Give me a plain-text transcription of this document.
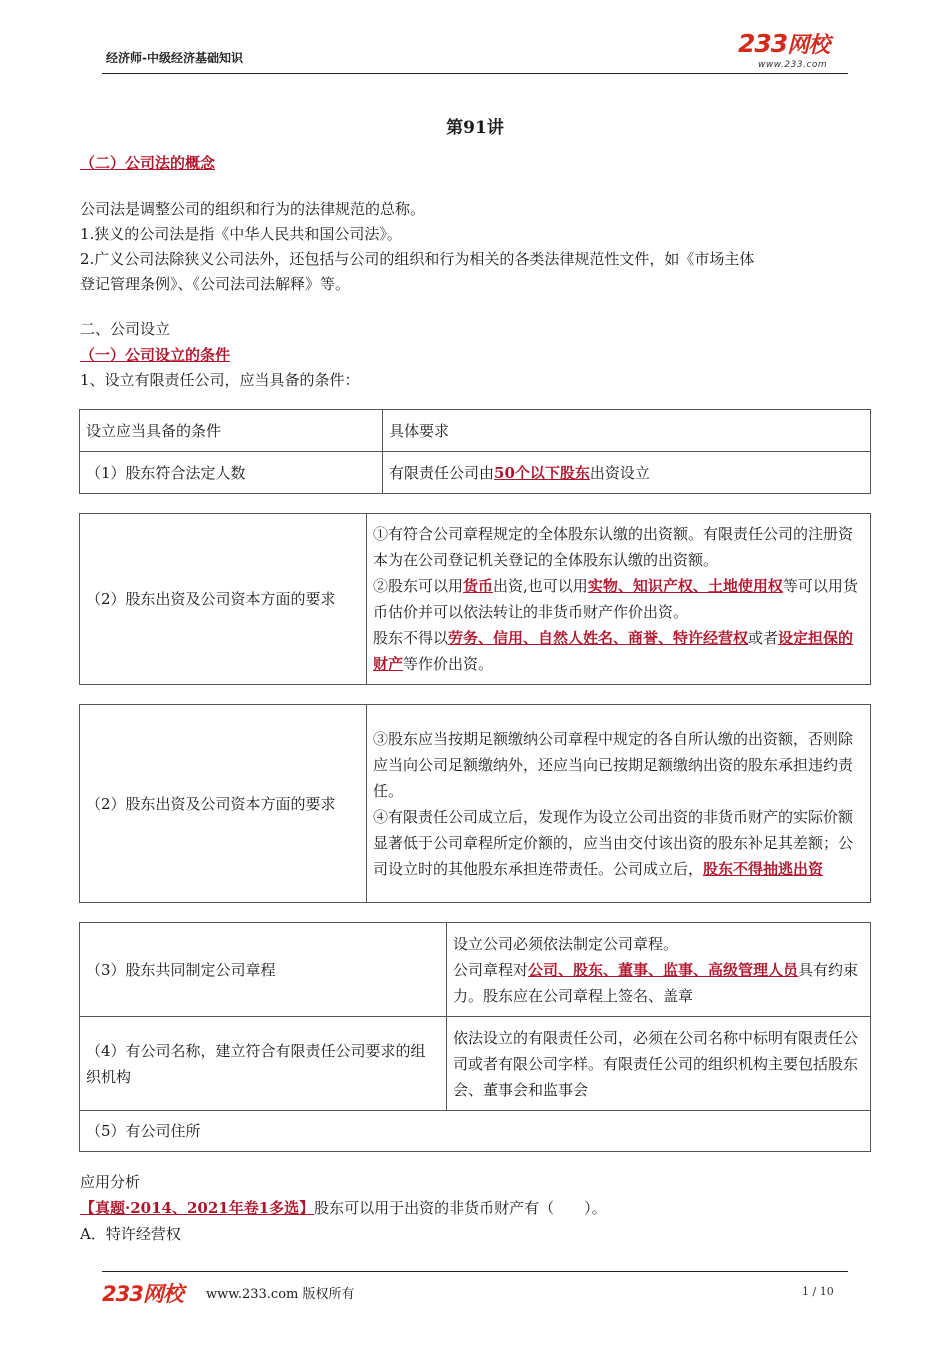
经济师-中级经济基础知识	233网校
www.233.com
第91讲
（二）公司法的概念
公司法是调整公司的组织和行为的法律规范的总称。
1.狭义的公司法是指《中华人民共和国公司法》。
2.广义公司法除狭义公司法外，还包括与公司的组织和行为相关的各类法律规范性文件，如《市场主体
登记管理条例》、《公司法司法解释》等。
二、公司设立
（一）公司设立的条件
1、设立有限责任公司，应当具备的条件：
设立应当具备的条件	具体要求
（1）股东符合法定人数	有限责任公司由50个以下股东出资设立
（2）股东出资及公司资本方面的要求	①有符合公司章程规定的全体股东认缴的出资额。有限责任公司的注册资本为在公司登记机关登记的全体股东认缴的出资额。
②股东可以用货币出资,也可以用实物、知识产权、土地使用权等可以用货币估价并可以依法转让的非货币财产作价出资。
股东不得以劳务、信用、自然人姓名、商誉、特许经营权或者设定担保的财产等作价出资。
（2）股东出资及公司资本方面的要求	③股东应当按期足额缴纳公司章程中规定的各自所认缴的出资额，否则除应当向公司足额缴纳外，还应当向已按期足额缴纳出资的股东承担违约责任。
④有限责任公司成立后，发现作为设立公司出资的非货币财产的实际价额显著低于公司章程所定价额的，应当由交付该出资的股东补足其差额；公司设立时的其他股东承担连带责任。公司成立后，股东不得抽逃出资
（3）股东共同制定公司章程	设立公司必须依法制定公司章程。
公司章程对公司、股东、董事、监事、高级管理人员具有约束力。股东应在公司章程上签名、盖章
（4）有公司名称，建立符合有限责任公司要求的组织机构	依法设立的有限责任公司，必须在公司名称中标明有限责任公司或者有限公司字样。有限责任公司的组织机构主要包括股东会、董事会和监事会
（5）有公司住所	
应用分析
【真题·2014、2021年卷1多选】股东可以用于出资的非货币财产有（　　）。
A．特许经营权
233网校 www.233.com 版权所有	1 / 10
